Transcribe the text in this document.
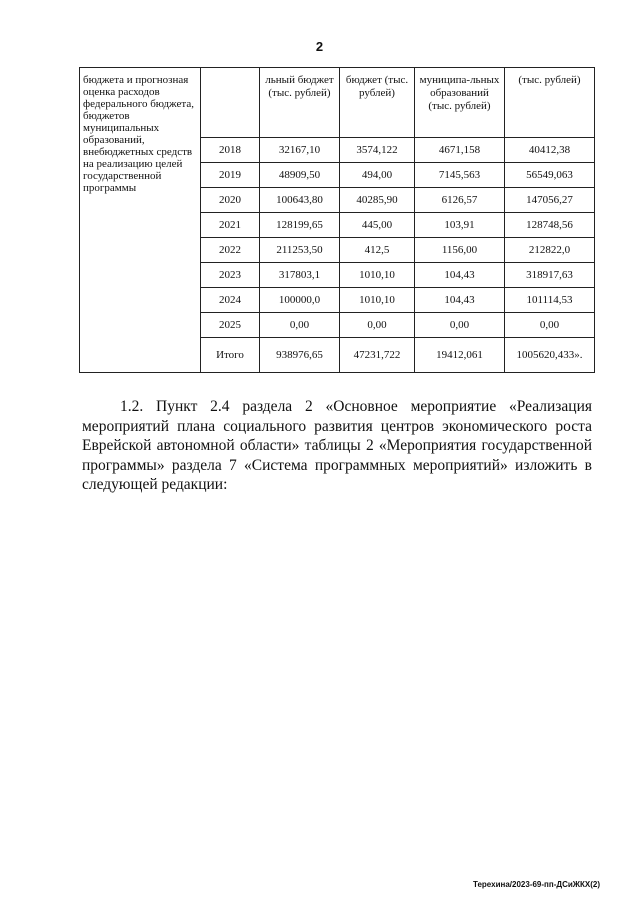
2
бюджета и прогнозная оценка расходов федерального бюджета, бюджетов муниципальных образований, внебюджетных средств на реализацию целей государственной программы		льный бюджет (тыс. рублей)	бюджет (тыс. рублей)	муниципа-льных образований (тыс. рублей)	(тыс. рублей)
	2018	32167,10	3574,122	4671,158	40412,38
	2019	48909,50	494,00	7145,563	56549,063
	2020	100643,80	40285,90	6126,57	147056,27
	2021	128199,65	445,00	103,91	128748,56
	2022	211253,50	412,5	1156,00	212822,0
	2023	317803,1	1010,10	104,43	318917,63
	2024	100000,0	1010,10	104,43	101114,53
	2025	0,00	0,00	0,00	0,00
	Итого	938976,65	47231,722	19412,061	1005620,433».

1.2. Пункт 2.4 раздела 2 «Основное мероприятие «Реализация мероприятий плана социального развития центров экономического роста Еврейской автономной области» таблицы 2 «Мероприятия государственной программы» раздела 7 «Система программных мероприятий» изложить в следующей редакции:

Терехина/2023-69-пп-ДСиЖКХ(2)
